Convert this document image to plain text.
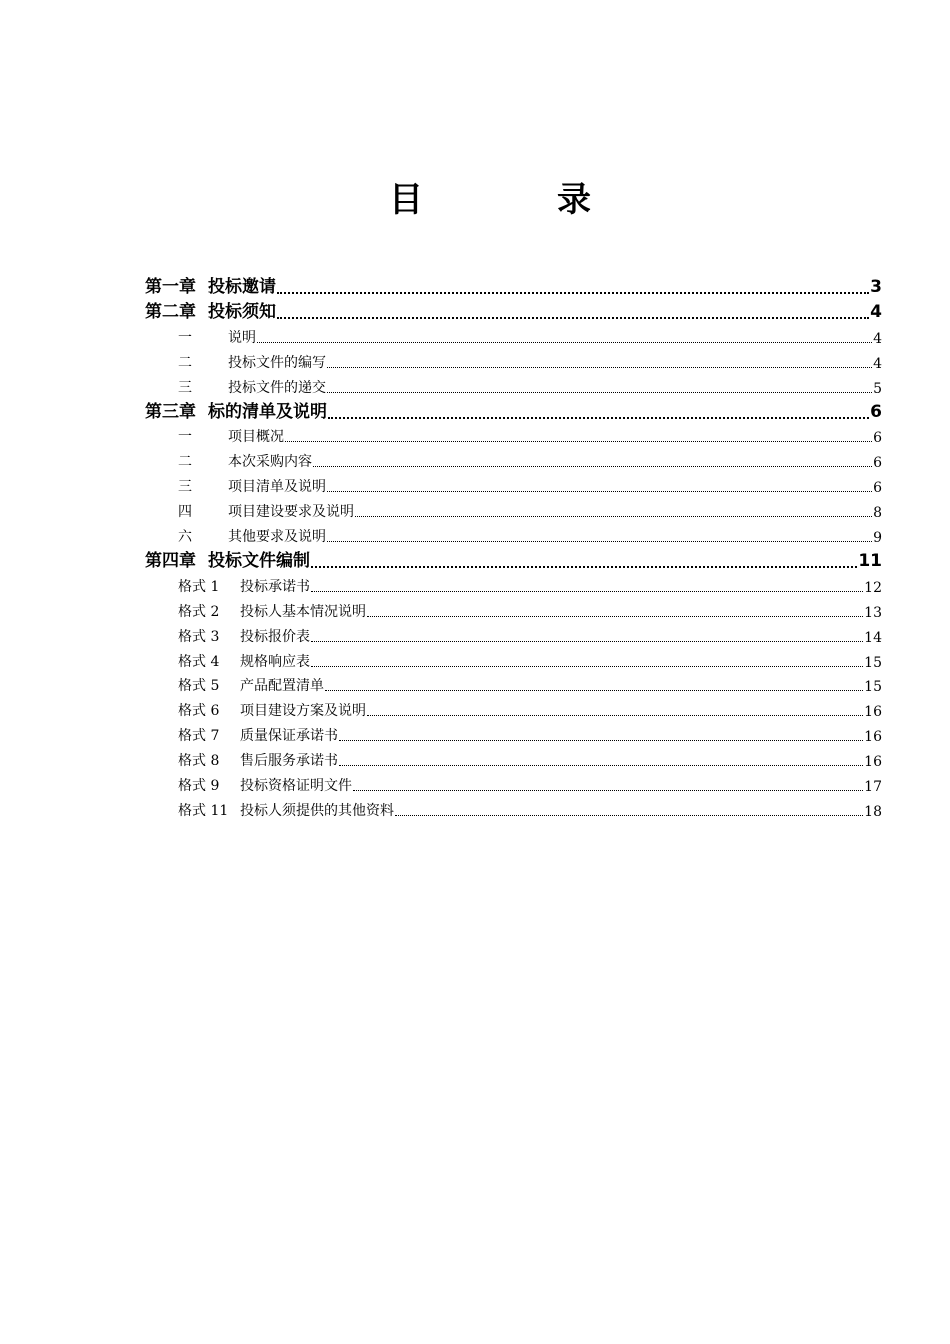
目　录
第一章 投标邀请	3
第二章 投标须知	4
一	说明	4
二	投标文件的编写	4
三	投标文件的递交	5
第三章 标的清单及说明	6
一	项目概况	6
二	本次采购内容	6
三	项目清单及说明	6
四	项目建设要求及说明	8
六	其他要求及说明	9
第四章 投标文件编制	11
格式 1	投标承诺书	12
格式 2	投标人基本情况说明	13
格式 3	投标报价表	14
格式 4	规格响应表	15
格式 5	产品配置清单	15
格式 6	项目建设方案及说明	16
格式 7	质量保证承诺书	16
格式 8	售后服务承诺书	16
格式 9	投标资格证明文件	17
格式 11 投标人须提供的其他资料	18
